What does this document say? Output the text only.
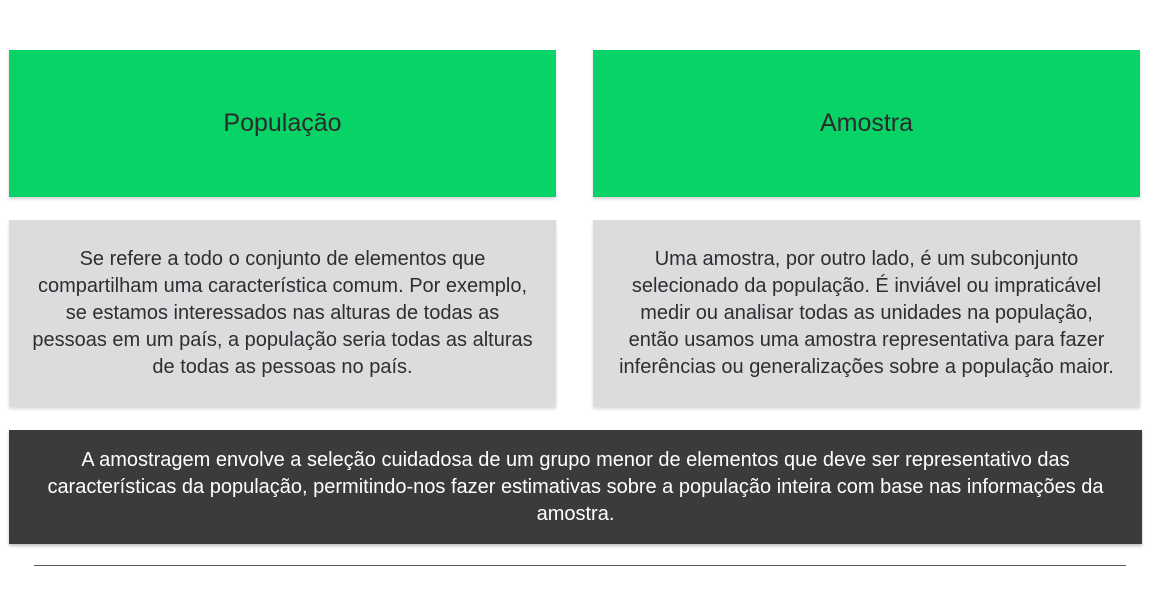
População	Amostra
Se refere a todo o conjunto de elementos que compartilham uma característica comum. Por exemplo, se estamos interessados nas alturas de todas as pessoas em um país, a população seria todas as alturas de todas as pessoas no país.
Uma amostra, por outro lado, é um subconjunto selecionado da população. É inviável ou impraticável medir ou analisar todas as unidades na população, então usamos uma amostra representativa para fazer inferências ou generalizações sobre a população maior.
A amostragem envolve a seleção cuidadosa de um grupo menor de elementos que deve ser representativo das características da população, permitindo-nos fazer estimativas sobre a população inteira com base nas informações da amostra.
